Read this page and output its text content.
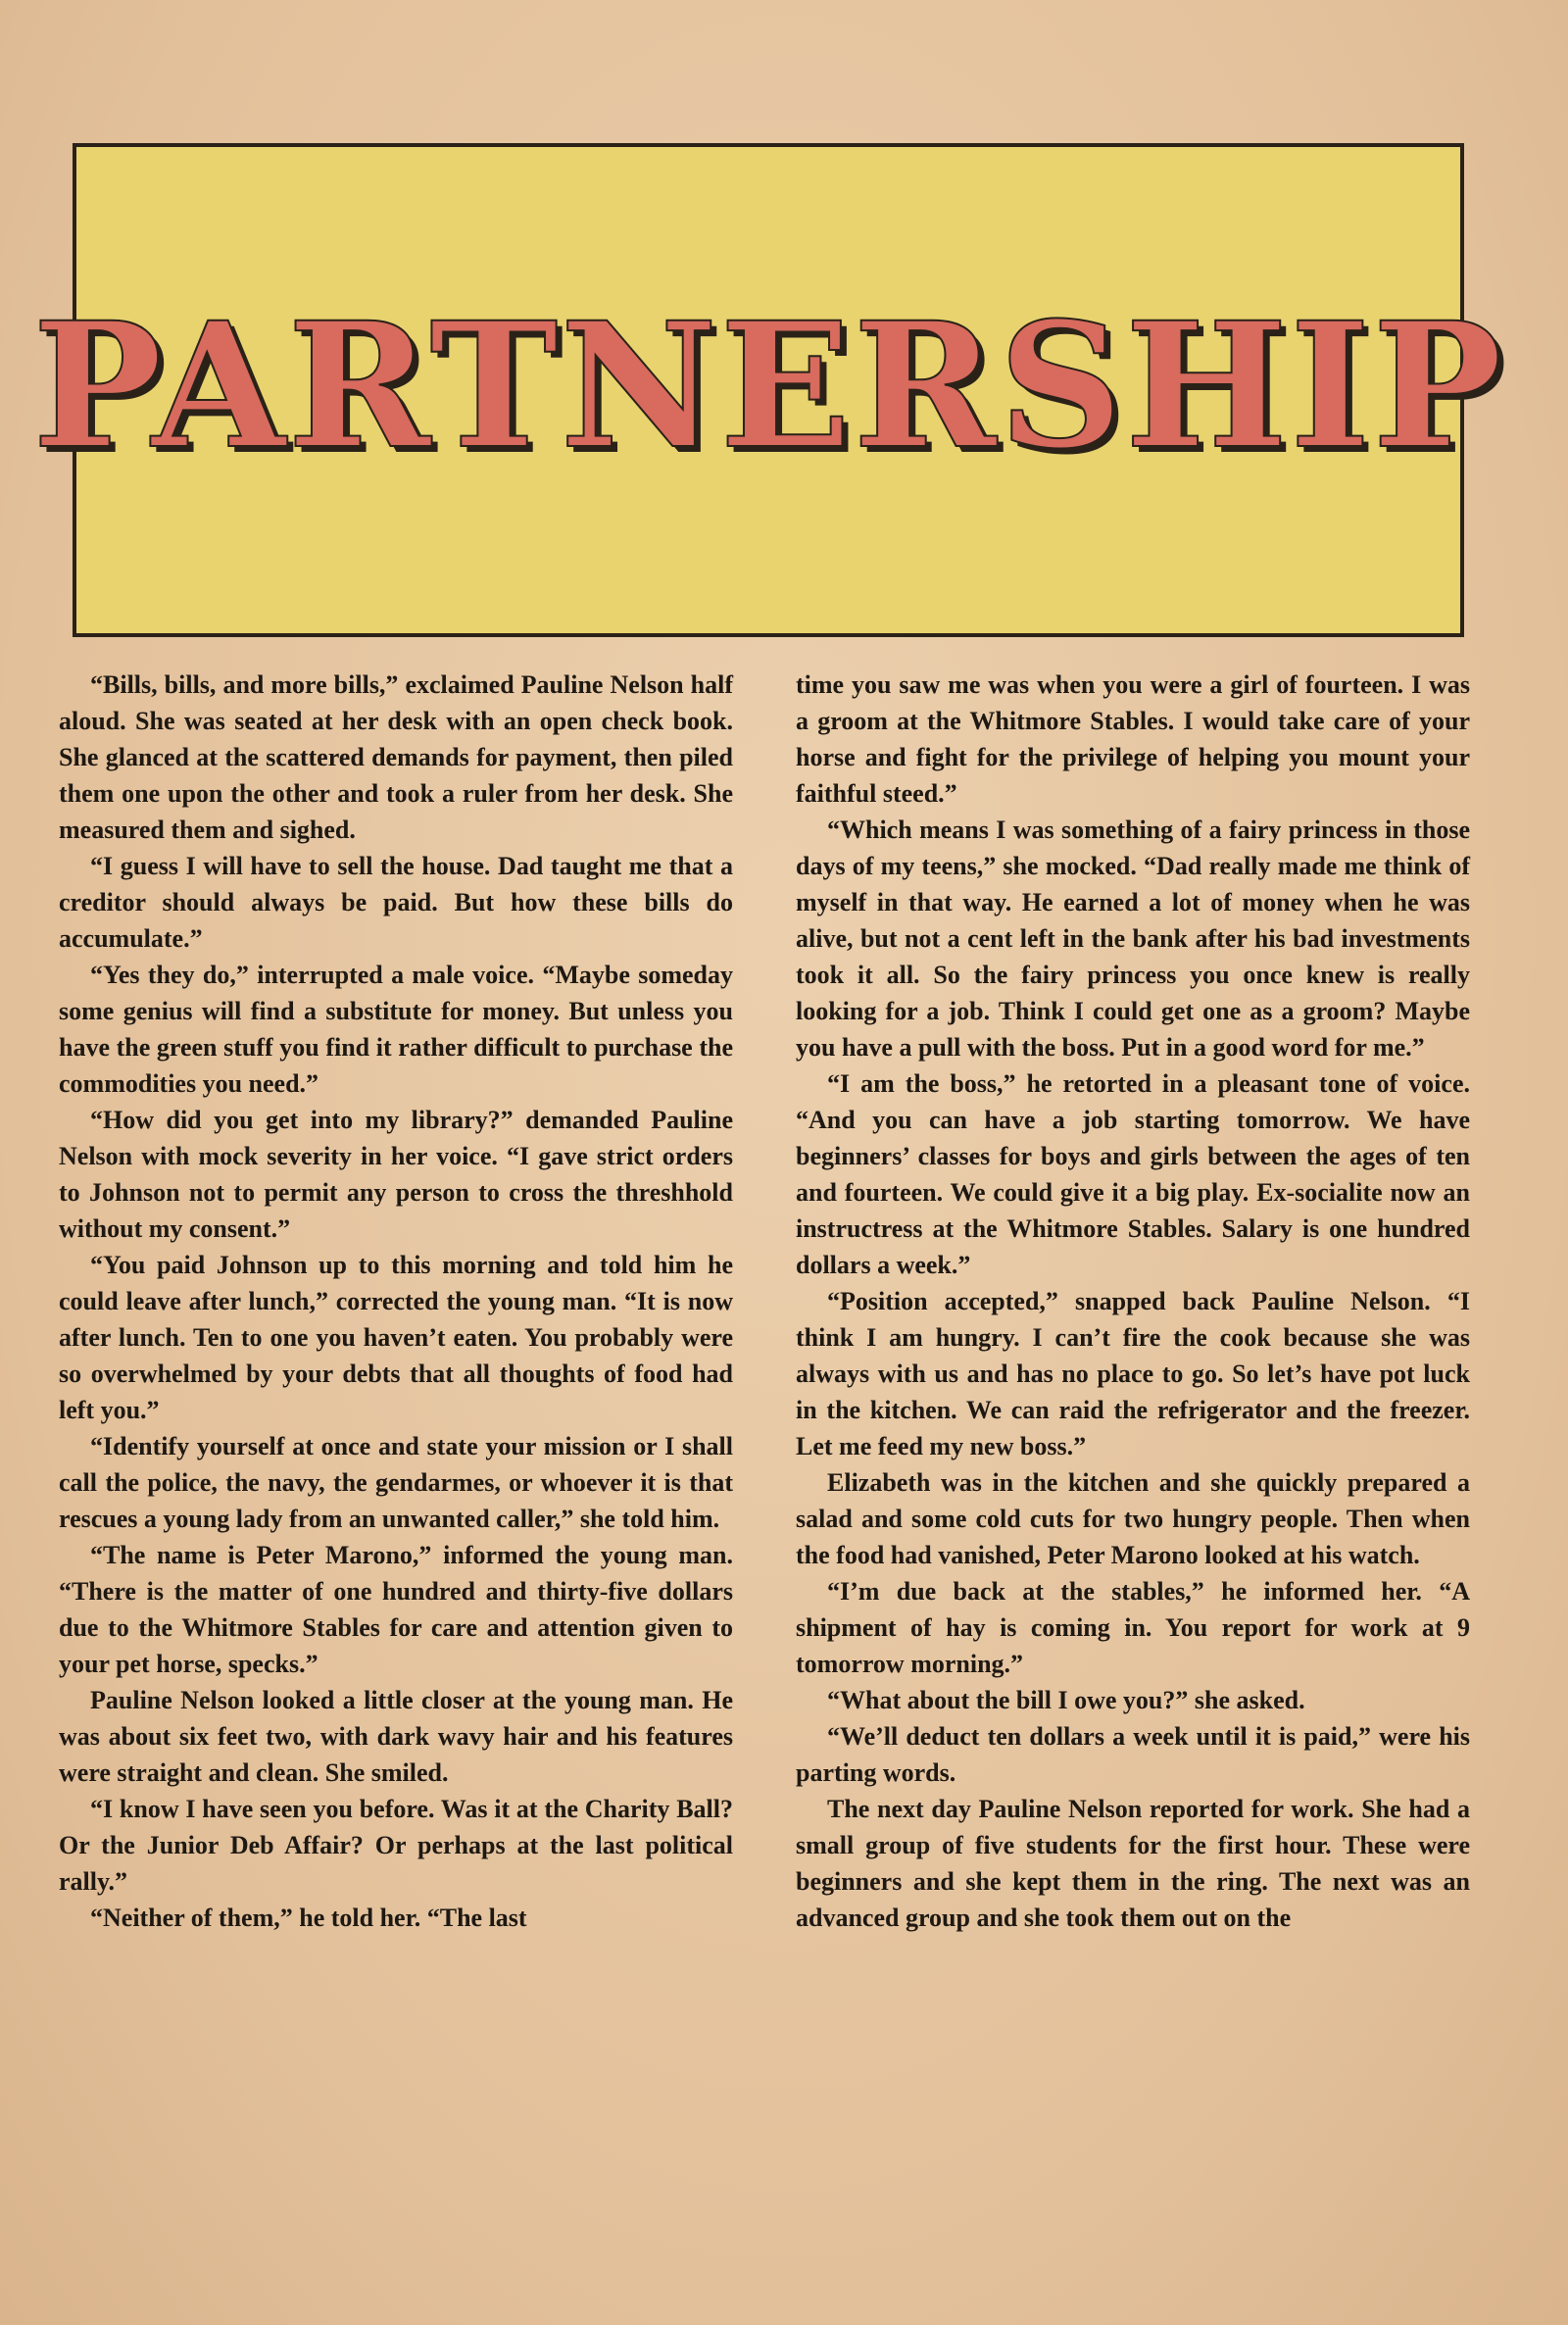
PARTNERSHIP

“Bills, bills, and more bills,” exclaimed Pauline Nelson half aloud. She was seated at her desk with an open check book. She glanced at the scattered demands for payment, then piled them one upon the other and took a ruler from her desk. She measured them and sighed.

“I guess I will have to sell the house. Dad taught me that a creditor should always be paid. But how these bills do accumulate.”

“Yes they do,” interrupted a male voice. “Maybe someday some genius will find a substitute for money. But unless you have the green stuff you find it rather difficult to purchase the commodities you need.”

“How did you get into my library?” demanded Pauline Nelson with mock severity in her voice. “I gave strict orders to Johnson not to permit any person to cross the threshhold without my consent.”

“You paid Johnson up to this morning and told him he could leave after lunch,” corrected the young man. “It is now after lunch. Ten to one you haven’t eaten. You probably were so overwhelmed by your debts that all thoughts of food had left you.”

“Identify yourself at once and state your mission or I shall call the police, the navy, the gendarmes, or whoever it is that rescues a young lady from an unwanted caller,” she told him.

“The name is Peter Marono,” informed the young man. “There is the matter of one hundred and thirty-five dollars due to the Whitmore Stables for care and attention given to your pet horse, specks.”

Pauline Nelson looked a little closer at the young man. He was about six feet two, with dark wavy hair and his features were straight and clean. She smiled.

“I know I have seen you before. Was it at the Charity Ball? Or the Junior Deb Affair? Or perhaps at the last political rally.”

“Neither of them,” he told her. “The last

time you saw me was when you were a girl of fourteen. I was a groom at the Whitmore Stables. I would take care of your horse and fight for the privilege of helping you mount your faithful steed.”

“Which means I was something of a fairy princess in those days of my teens,” she mocked. “Dad really made me think of myself in that way. He earned a lot of money when he was alive, but not a cent left in the bank after his bad investments took it all. So the fairy princess you once knew is really looking for a job. Think I could get one as a groom? Maybe you have a pull with the boss. Put in a good word for me.”

“I am the boss,” he retorted in a pleasant tone of voice. “And you can have a job starting tomorrow. We have beginners’ classes for boys and girls between the ages of ten and fourteen. We could give it a big play. Ex-socialite now an instructress at the Whitmore Stables. Salary is one hundred dollars a week.”

“Position accepted,” snapped back Pauline Nelson. “I think I am hungry. I can’t fire the cook because she was always with us and has no place to go. So let’s have pot luck in the kitchen. We can raid the refrigerator and the freezer. Let me feed my new boss.”

Elizabeth was in the kitchen and she quickly prepared a salad and some cold cuts for two hungry people. Then when the food had vanished, Peter Marono looked at his watch.

“I’m due back at the stables,” he informed her. “A shipment of hay is coming in. You report for work at 9 tomorrow morning.”

“What about the bill I owe you?” she asked.

“We’ll deduct ten dollars a week until it is paid,” were his parting words.

The next day Pauline Nelson reported for work. She had a small group of five students for the first hour. These were beginners and she kept them in the ring. The next was an advanced group and she took them out on the
